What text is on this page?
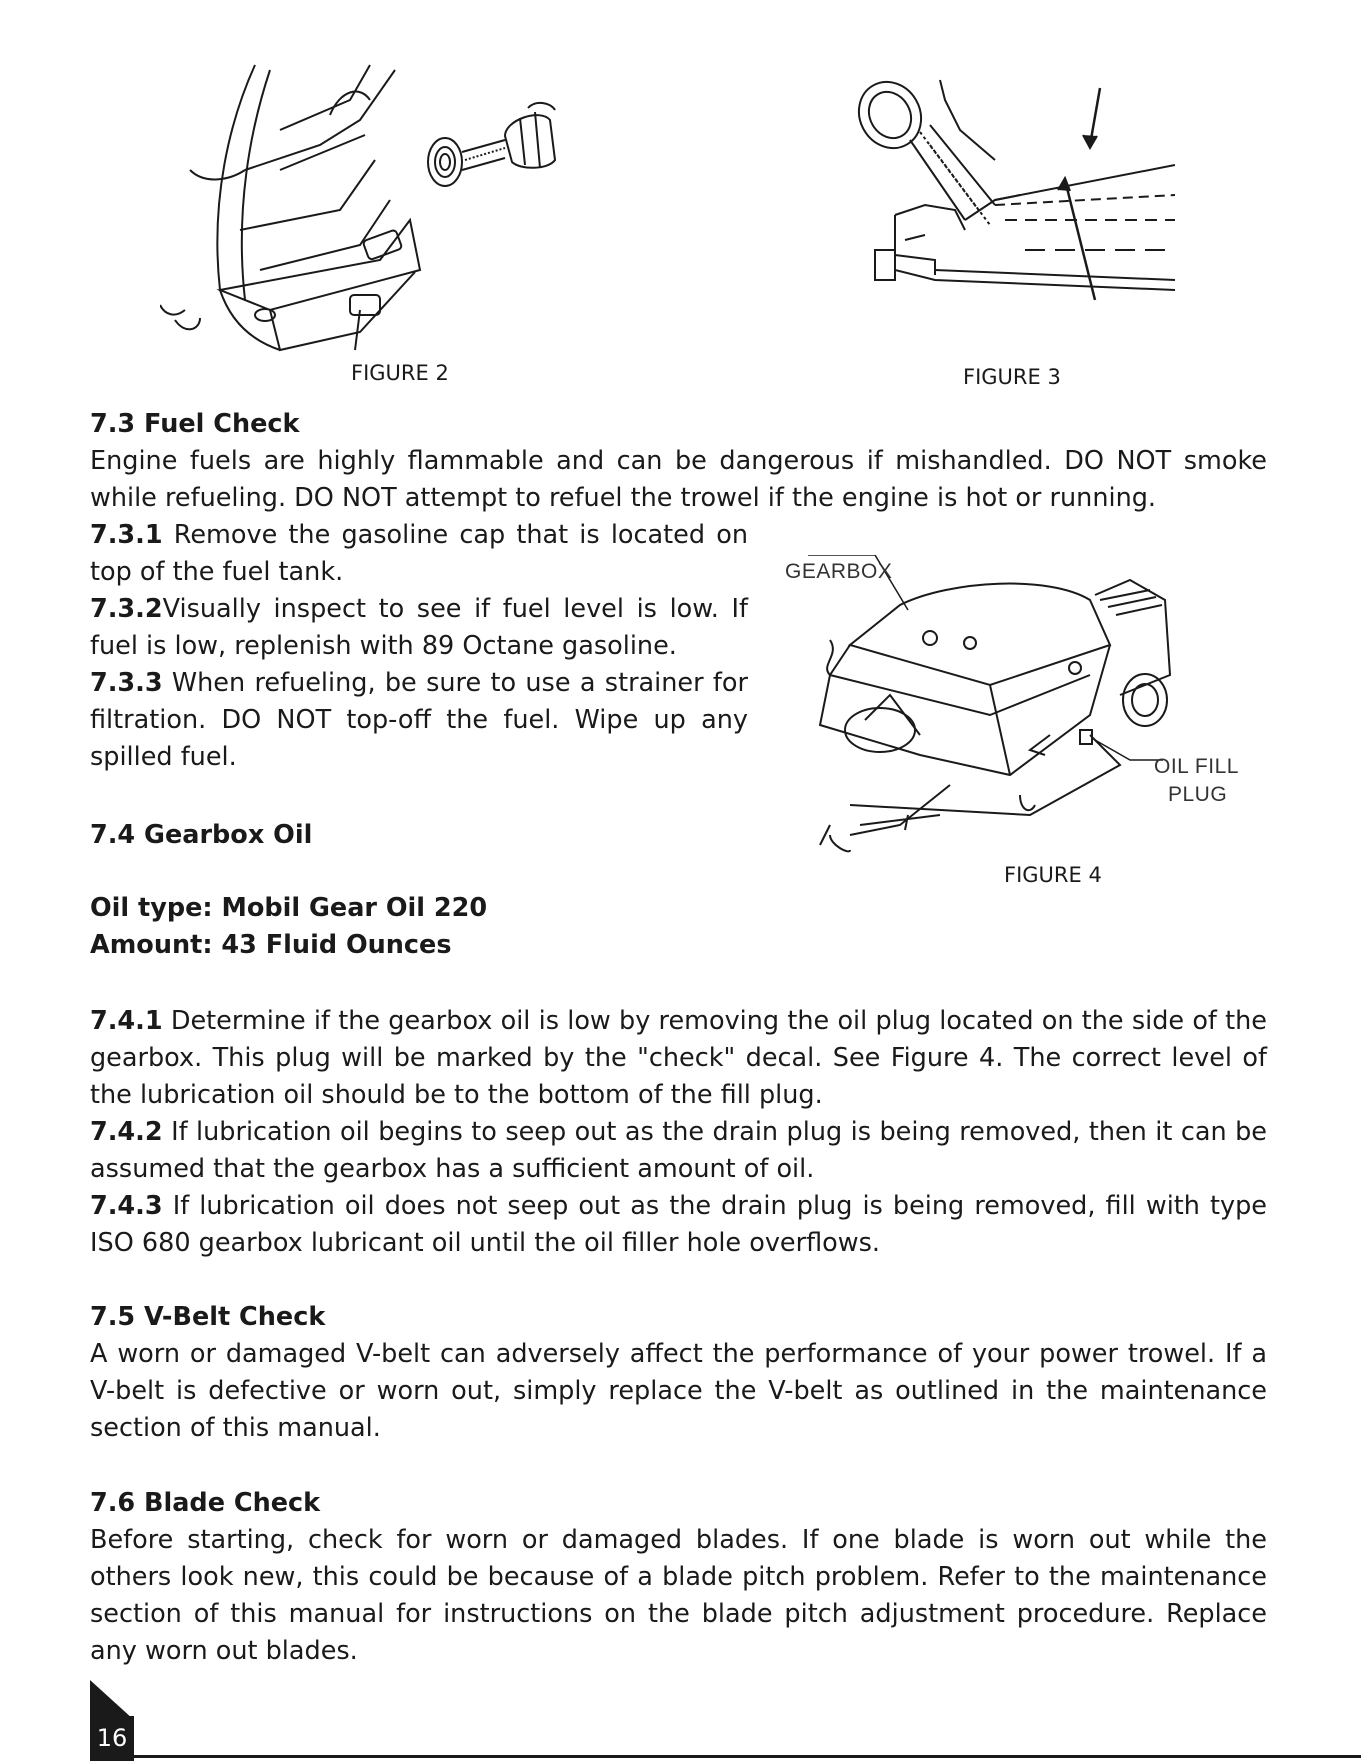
FIGURE 2	FIGURE 3
GEARBOX
OIL FILL
PLUG
FIGURE 4
7.3 Fuel Check
Engine fuels are highly flammable and can be dangerous if mishandled. DO NOT smoke while refueling. DO NOT attempt to refuel the trowel if the engine is hot or running.
7.3.1 Remove the gasoline cap that is located on top of the fuel tank.
7.3.2Visually inspect to see if fuel level is low. If fuel is low, replenish with 89 Octane gasoline.
7.3.3 When refueling, be sure to use a strainer for filtration. DO NOT top-off the fuel. Wipe up any spilled fuel.
7.4 Gearbox Oil
Oil type: Mobil Gear Oil 220
Amount: 43 Fluid Ounces
7.4.1 Determine if the gearbox oil is low by removing the oil plug located on the side of the gearbox. This plug will be marked by the "check" decal. See Figure 4. The correct level of the lubrication oil should be to the bottom of the fill plug.
7.4.2 If lubrication oil begins to seep out as the drain plug is being removed, then it can be assumed that the gearbox has a sufficient amount of oil.
7.4.3 If lubrication oil does not seep out as the drain plug is being removed, fill with type ISO 680 gearbox lubricant oil until the oil filler hole overflows.
7.5 V-Belt Check
A worn or damaged V-belt can adversely affect the performance of your power trowel. If a V-belt is defective or worn out, simply replace the V-belt as outlined in the maintenance section of this manual.
7.6 Blade Check
Before starting, check for worn or damaged blades. If one blade is worn out while the others look new, this could be because of a blade pitch problem. Refer to the maintenance section of this manual for instructions on the blade pitch adjustment procedure. Replace any worn out blades.
16
